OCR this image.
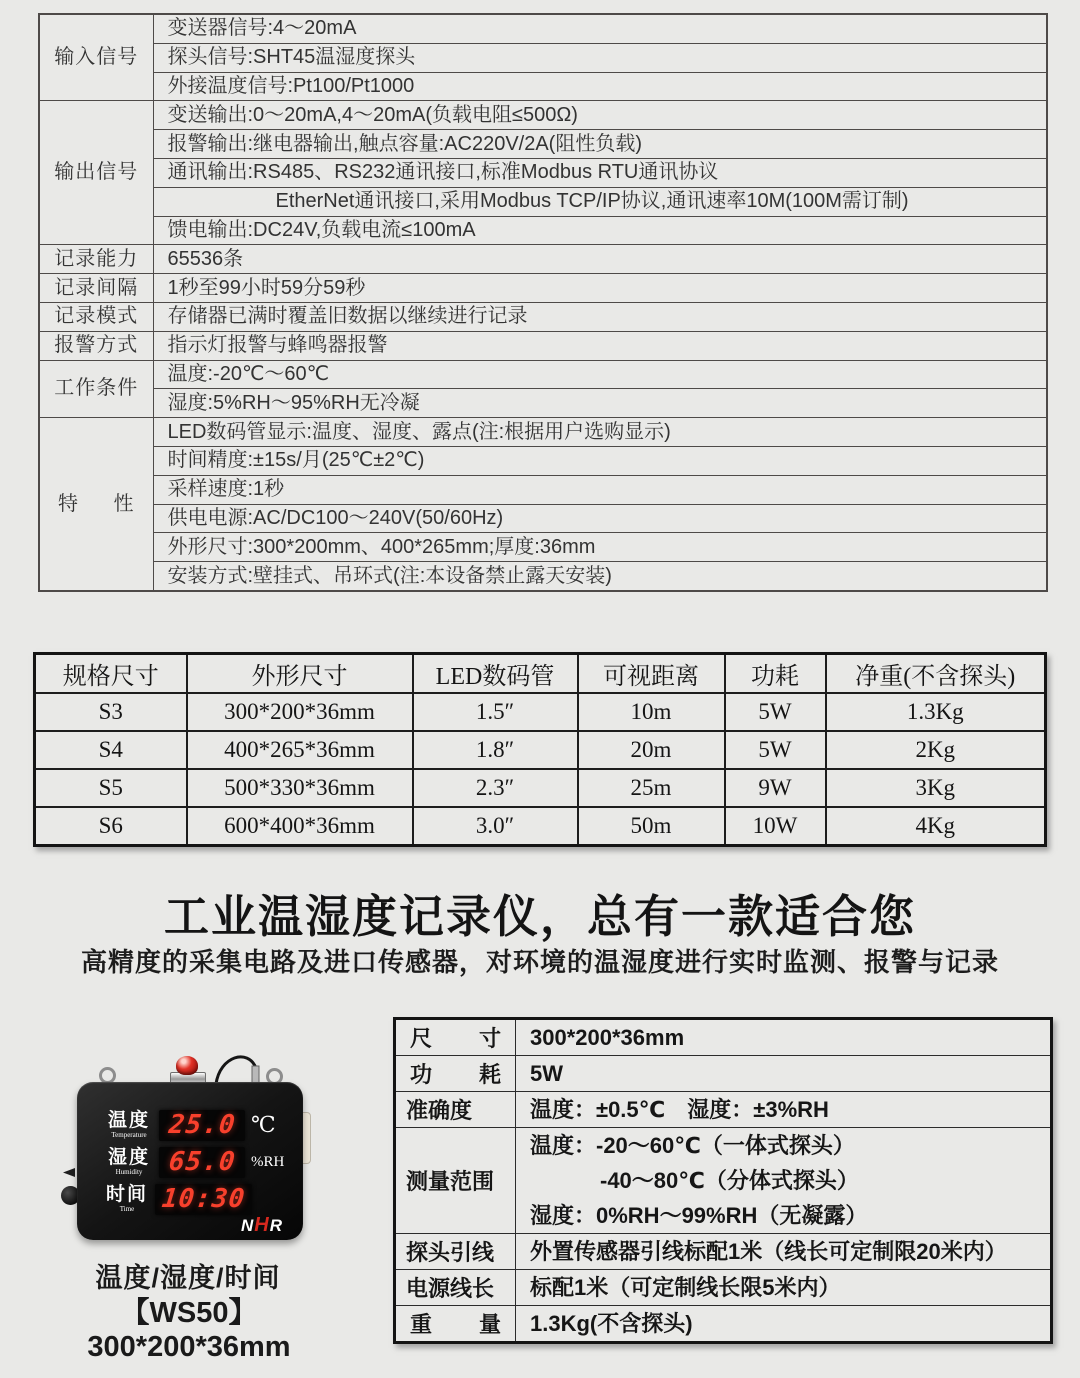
输入信号	变送器信号:4～20mA
	探头信号:SHT45温湿度探头
	外接温度信号:Pt100/Pt1000
输出信号	变送输出:0～20mA,4～20mA(负载电阻≤500Ω)
	报警输出:继电器输出,触点容量:AC220V/2A(阻性负载)
	通讯输出:RS485、RS232通讯接口,标准Modbus RTU通讯协议
	EtherNet通讯接口,采用Modbus TCP/IP协议,通讯速率10M(100M需订制)
	馈电输出:DC24V,负载电流≤100mA
记录能力	65536条
记录间隔	1秒至99小时59分59秒
记录模式	存储器已满时覆盖旧数据以继续进行记录
报警方式	指示灯报警与蜂鸣器报警
工作条件	温度:-20℃～60℃
	湿度:5%RH～95%RH无冷凝
特性	LED数码管显示:温度、湿度、露点(注:根据用户选购显示)
	时间精度:±15s/月(25℃±2℃)
	采样速度:1秒
	供电电源:AC/DC100～240V(50/60Hz)
	外形尺寸:300*200mm、400*265mm;厚度:36mm
	安装方式:壁挂式、吊环式(注:本设备禁止露天安装)
规格尺寸	外形尺寸	LED数码管	可视距离	功耗	净重(不含探头)
S3	300*200*36mm	1.5″	10m	5W	1.3Kg
S4	400*265*36mm	1.8″	20m	5W	2Kg
S5	500*330*36mm	2.3″	25m	9W	3Kg
S6	600*400*36mm	3.0″	50m	10W	4Kg
工业温湿度记录仪，总有一款适合您
高精度的采集电路及进口传感器，对环境的温湿度进行实时监测、报警与记录
温度
Temperature 25.0 ℃
湿度
Humidity 65.0 %RH
时间
Time	10:30
NHR
温度/湿度/时间
【WS50】300*200*36mm
尺寸	300*200*36mm

功耗	5W

准确度	温度：±0.5℃　湿度：±3%RH

测量范围	温度：-20～60℃（一体式探头）
-40～80℃（分体式探头）
湿度：0%RH～99%RH（无凝露）

探头引线	外置传感器引线标配1米（线长可定制限20米内）

电源线长	标配1米（可定制线长限5米内）

重量	1.3Kg(不含探头)
